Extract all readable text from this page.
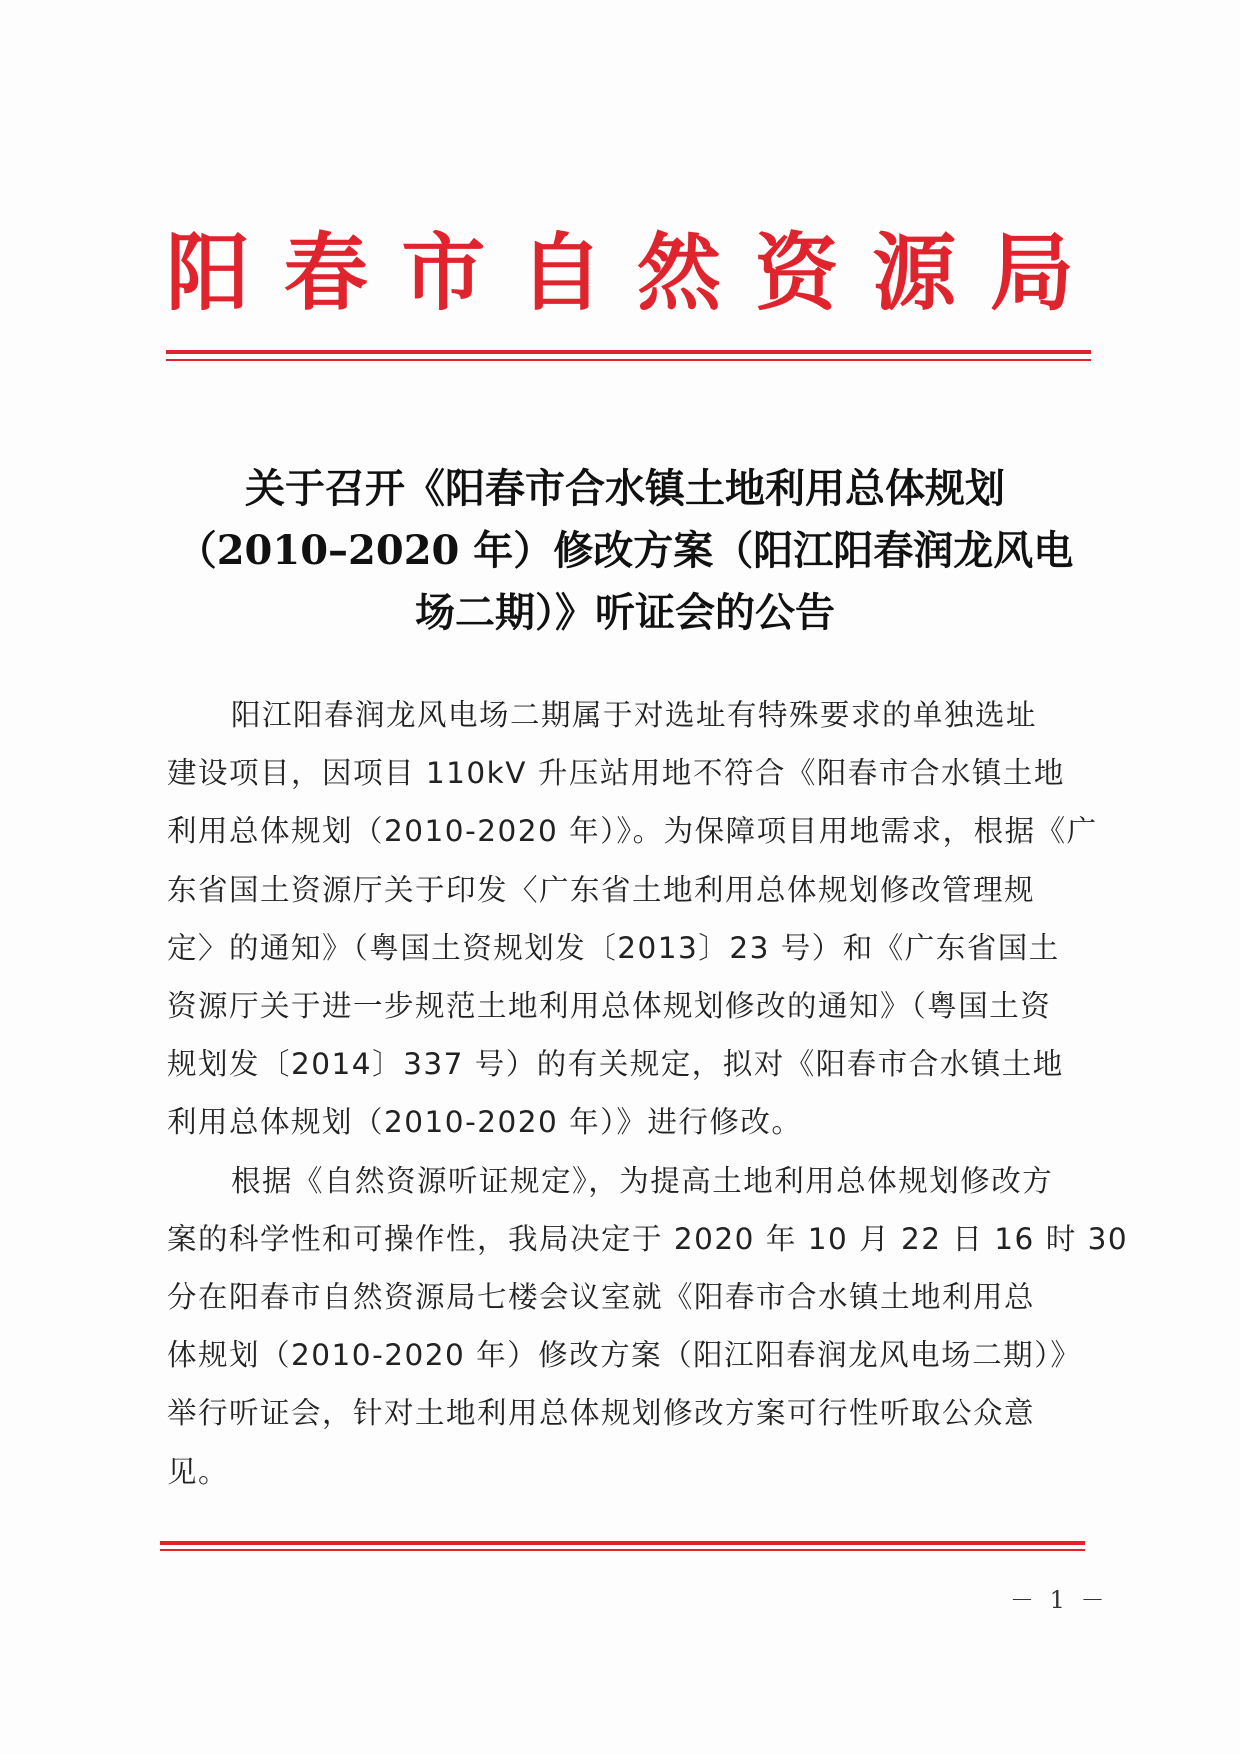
阳 春 市 自 然 资 源 局
关于召开《阳春市合水镇土地利用总体规划
（2010–2020 年）修改方案（阳江阳春润龙风电
场二期）》听证会的公告
阳江阳春润龙风电场二期属于对选址有特殊要求的单独选址
建设项目，因项目 110kV 升压站用地不符合《阳春市合水镇土地
利用总体规划（2010-2020 年）》。为保障项目用地需求，根据《广
东省国土资源厅关于印发〈广东省土地利用总体规划修改管理规
定〉的通知》（粤国土资规划发〔2013〕23 号）和《广东省国土
资源厅关于进一步规范土地利用总体规划修改的通知》（粤国土资
规划发〔2014〕337 号）的有关规定，拟对《阳春市合水镇土地
利用总体规划（2010-2020 年）》进行修改。
根据《自然资源听证规定》，为提高土地利用总体规划修改方
案的科学性和可操作性，我局决定于 2020 年 10 月 22 日 16 时 30
分在阳春市自然资源局七楼会议室就《阳春市合水镇土地利用总
体规划（2010-2020 年）修改方案（阳江阳春润龙风电场二期）》
举行听证会，针对土地利用总体规划修改方案可行性听取公众意
见。
－ 1 －
